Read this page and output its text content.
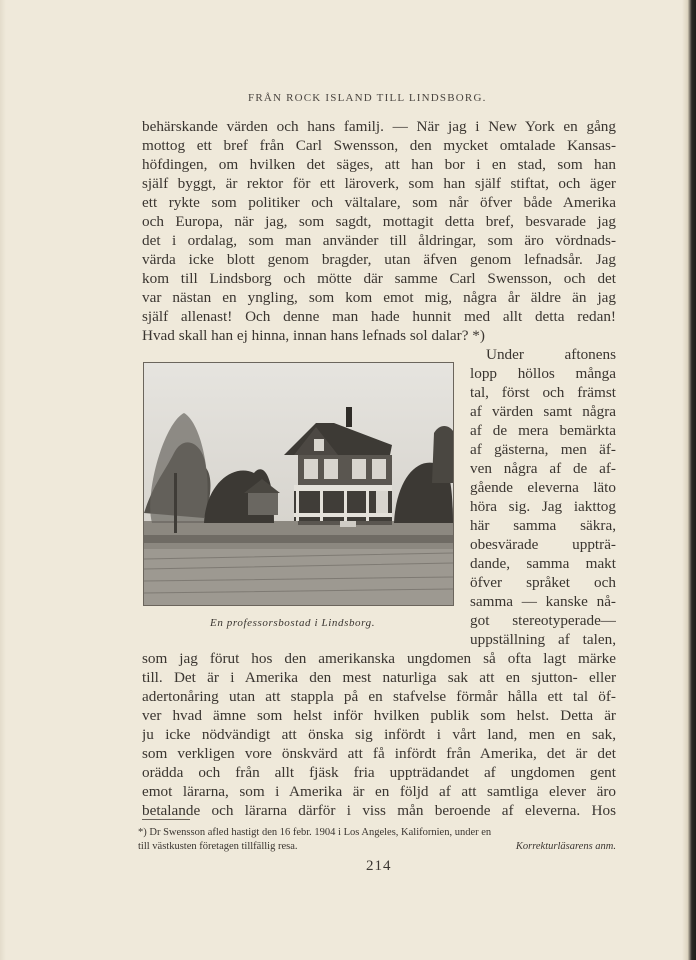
FRÅN ROCK ISLAND TILL LINDSBORG.
behärskande värden och hans familj. — När jag i New York en gång
mottog ett bref från Carl Swensson, den mycket omtalade Kansas-
höfdingen, om hvilken det säges, att han bor i en stad, som han
själf byggt, är rektor för ett läroverk, som han själf stiftat, och äger
ett rykte som politiker och vältalare, som når öfver både Amerika
och Europa, när jag, som sagdt, mottagit detta bref, besvarade jag
det i ordalag, som man använder till åldringar, som äro vördnads-
värda icke blott genom bragder, utan äfven genom lefnadsår. Jag
kom till Lindsborg och mötte där samme Carl Swensson, och det
var nästan en yngling, som kom emot mig, några år äldre än jag
själf allenast! Och denne man hade hunnit med allt detta redan!
Hvad skall han ej hinna, innan hans lefnads sol dalar? *)
En professorsbostad i Lindsborg.
Under aftonens
lopp höllos många
tal, först och främst
af värden samt några
af de mera bemärkta
af gästerna, men äf-
ven några af de af-
gående eleverna läto
höra sig. Jag iakttog
här samma säkra,
obesvärade uppträ-
dande, samma makt
öfver språket och
samma — kanske nå-
got stereotyperade—
uppställning af talen,
som jag förut hos den amerikanska ungdomen så ofta lagt märke
till. Det är i Amerika den mest naturliga sak att en sjutton- eller
adertonåring utan att stappla på en stafvelse förmår hålla ett tal öf-
ver hvad ämne som helst inför hvilken publik som helst. Detta är
ju icke nödvändigt att önska sig infördt i vårt land, men en sak,
som verkligen vore önskvärd att få infördt från Amerika, det är det
orädda och från allt fjäsk fria uppträdandet af ungdomen gent
emot lärarna, som i Amerika är en följd af att samtliga elever äro
betalande och lärarna därför i viss mån beroende af eleverna. Hos
*) Dr Swensson afled hastigt den 16 febr. 1904 i Los Angeles, Kalifornien, under en
till västkusten företagen tillfällig resa.	Korrekturläsarens anm.
214
